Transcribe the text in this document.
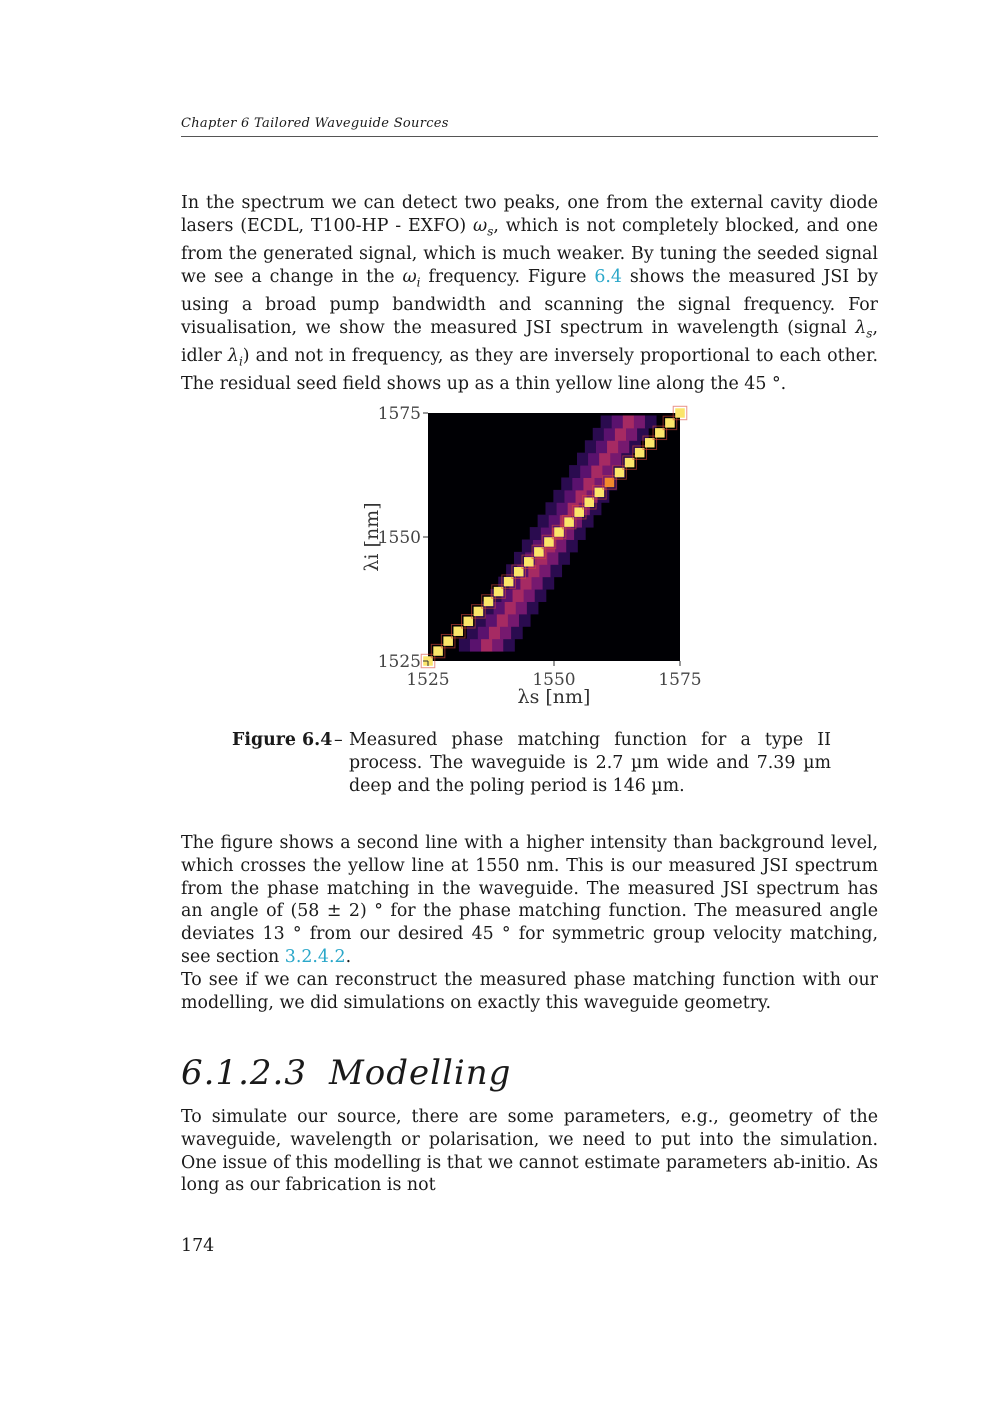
Chapter 6 Tailored Waveguide Sources

In the spectrum we can detect two peaks, one from the external cavity diode lasers (ECDL, T100-HP - EXFO) $\omega_s$, which is not completely blocked, and one from the generated signal, which is much weaker. By tuning the seeded signal we see a change in the $\omega_i$ frequency. Figure 6.4 shows the measured JSI by using a broad pump bandwidth and scanning the signal frequency. For visualisation, we show the measured JSI spectrum in wavelength (signal $\lambda_s$, idler $\lambda_i$) and not in frequency, as they are inversely proportional to each other. The residual seed field shows up as a thin yellow line along the 45 °.

1525	1550	1575
1525
1550
1575
λs [nm]
λi [nm]
Figure 6.4 – Measured phase matching function for a type II process. The waveguide is 2.7 µm wide and 7.39 µm deep and the poling period is 146 µm.

The figure shows a second line with a higher intensity than background level, which crosses the yellow line at 1550 nm. This is our measured JSI spectrum from the phase matching in the waveguide. The measured JSI spectrum has an angle of (58 ± 2) ° for the phase matching function. The measured angle deviates 13 ° from our desired 45 ° for symmetric group velocity matching, see section 3.2.4.2.

To see if we can reconstruct the measured phase matching function with our modelling, we did simulations on exactly this waveguide geometry.

6.1.2.3 Modelling

To simulate our source, there are some parameters, e.g., geometry of the waveguide, wavelength or polarisation, we need to put into the simulation. One issue of this modelling is that we cannot estimate parameters ab-initio. As long as our fabrication is not

174
